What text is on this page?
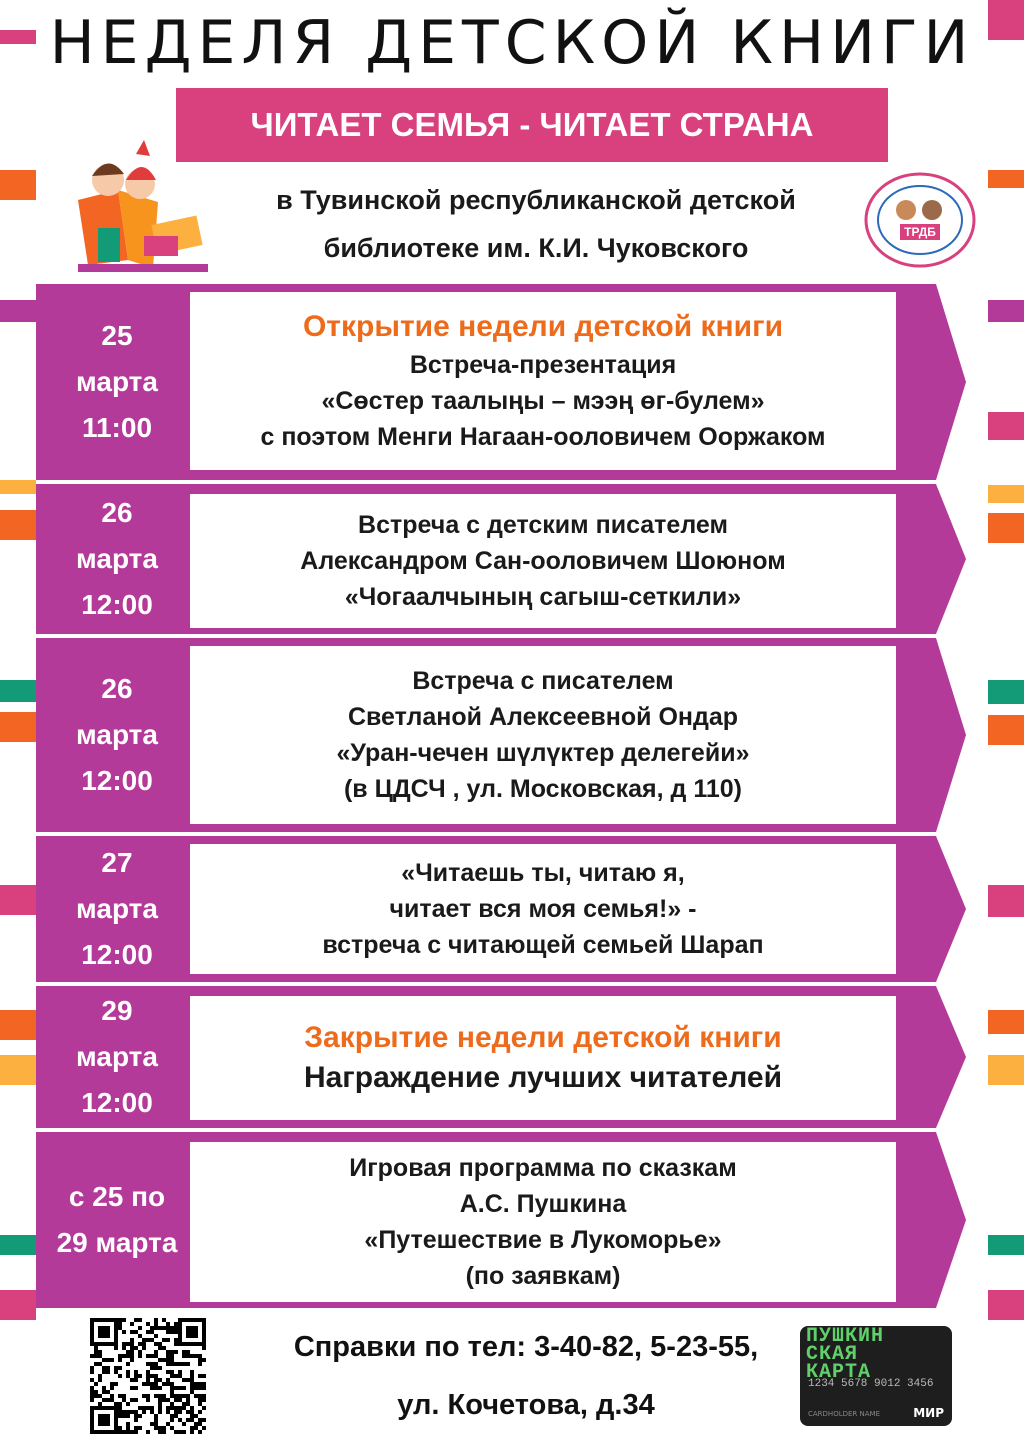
НЕДЕЛЯ ДЕТСКОЙ КНИГИ
ЧИТАЕТ СЕМЬЯ - ЧИТАЕТ СТРАНА
в Тувинской республиканской детской
библиотеке им. К.И. Чуковского
ТРДБ
25
марта
11:00
Открытие недели детской книги
Встреча-презентация
«Сөстер таалыңы – мээң өг-булем»
с поэтом Менги Нагаан-ооловичем Ооржаком
26
марта
12:00
Встреча с детским писателем
Александром Сан-ооловичем Шоюном
«Чогаалчының сагыш-сеткили»
26
марта
12:00
Встреча с писателем
Светланой Алексеевной Ондар
«Уран-чечен шүлүктер делегейи»
(в ЦДСЧ , ул. Московская, д 110)
27
марта
12:00
«Читаешь ты, читаю я,
читает вся моя семья!» -
встреча с читающей семьей Шарап
29
марта
12:00
Закрытие недели детской книги
Награждение лучших читателей
с 25 по
29 марта
Игровая программа по сказкам
А.С. Пушкина
«Путешествие в Лукоморье»
(по заявкам)
Справки по тел: 3-40-82, 5-23-55,
ул. Кочетова, д.34
ПУШКИН
СКАЯ
КАРТА
1234 5678 9012 3456
CARDHOLDER NAME	МИР
